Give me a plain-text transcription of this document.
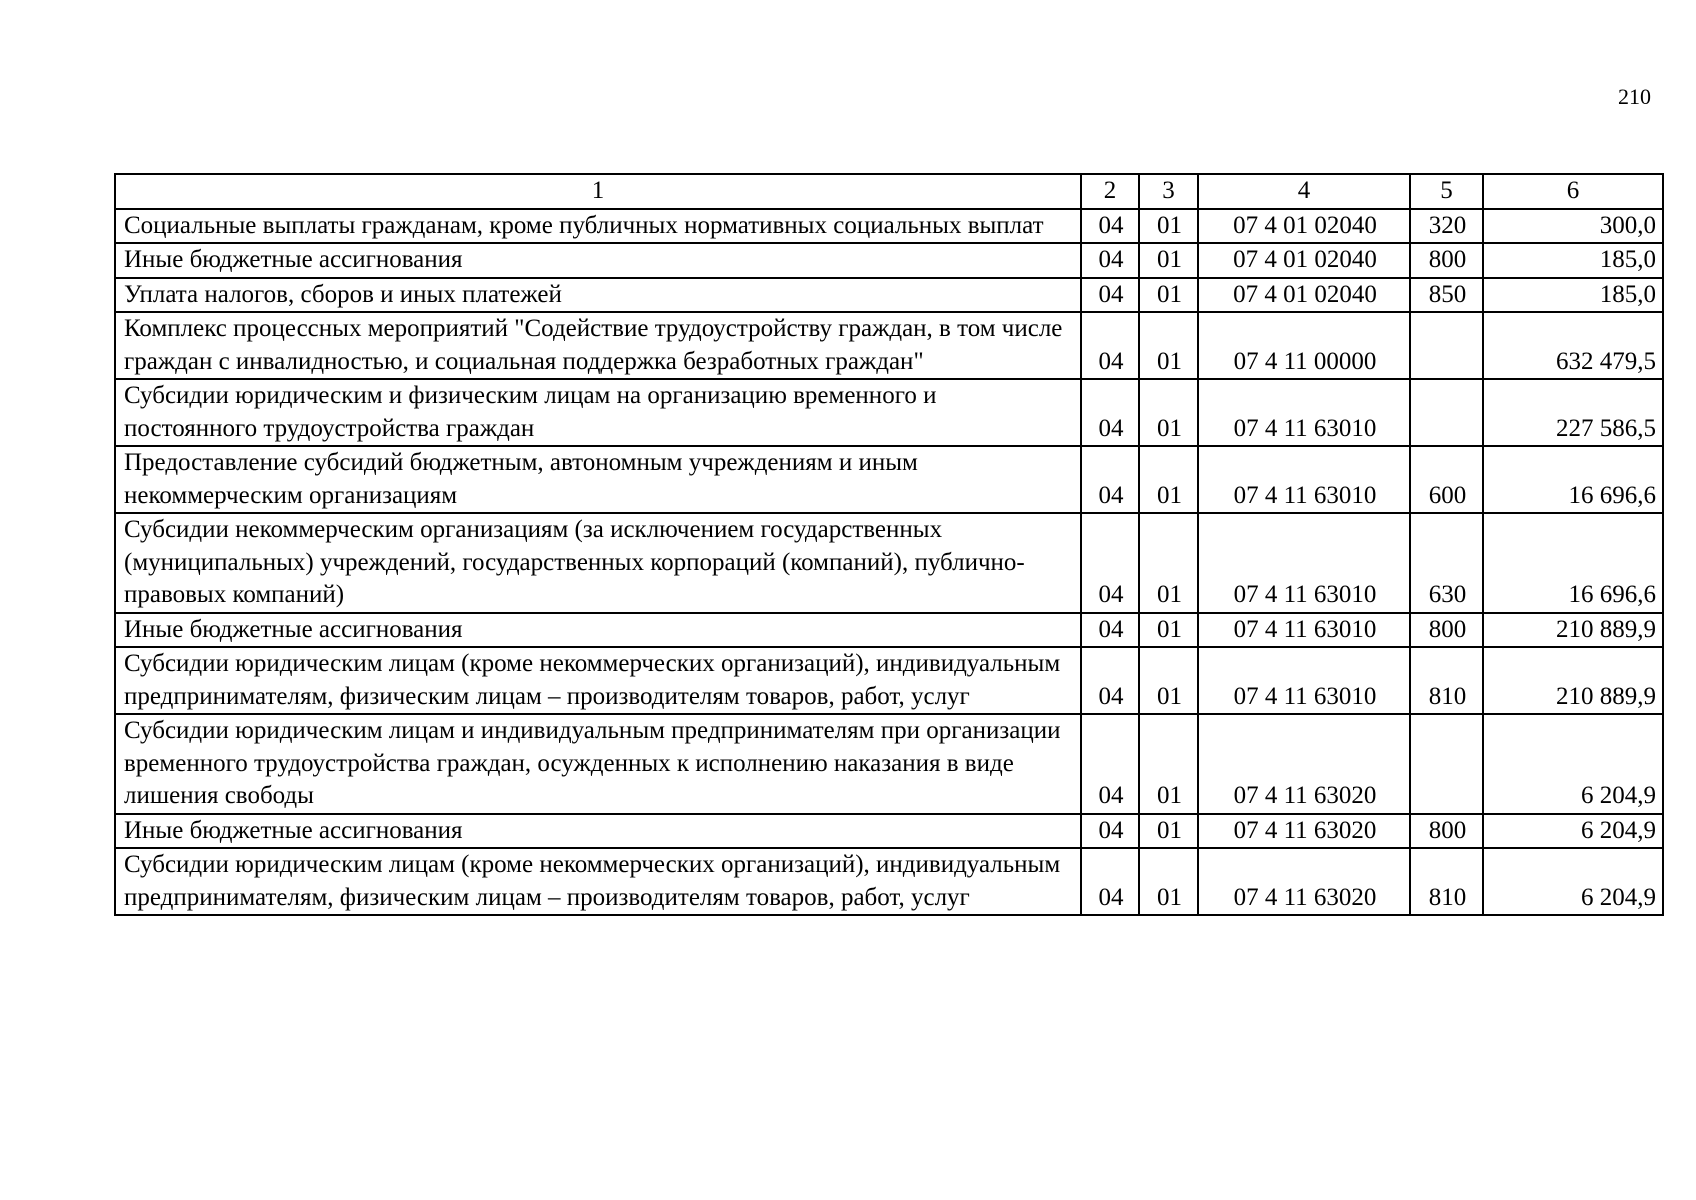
210
1	2	3	4	5	6
Социальные выплаты гражданам, кроме публичных нормативных социальных выплат	04	01	07 4 01 02040	320	300,0
Иные бюджетные ассигнования	04	01	07 4 01 02040	800	185,0
Уплата налогов, сборов и иных платежей	04	01	07 4 01 02040	850	185,0
Комплекс процессных мероприятий "Содействие трудоустройству граждан, в том числе граждан с инвалидностью, и социальная поддержка безработных граждан"	04	01	07 4 11 00000		632 479,5
Субсидии юридическим и физическим лицам на организацию временного и постоянного трудоустройства граждан	04	01	07 4 11 63010		227 586,5
Предоставление субсидий бюджетным, автономным учреждениям и иным некоммерческим организациям	04	01	07 4 11 63010	600	16 696,6
Субсидии некоммерческим организациям (за исключением государственных (муниципальных) учреждений, государственных корпораций (компаний), публично-правовых компаний)	04	01	07 4 11 63010	630	16 696,6
Иные бюджетные ассигнования	04	01	07 4 11 63010	800	210 889,9
Субсидии юридическим лицам (кроме некоммерческих организаций), индивидуальным предпринимателям, физическим лицам – производителям товаров, работ, услуг	04	01	07 4 11 63010	810	210 889,9
Субсидии юридическим лицам и индивидуальным предпринимателям при организации временного трудоустройства граждан, осужденных к исполнению наказания в виде лишения свободы	04	01	07 4 11 63020		6 204,9
Иные бюджетные ассигнования	04	01	07 4 11 63020	800	6 204,9
Субсидии юридическим лицам (кроме некоммерческих организаций), индивидуальным предпринимателям, физическим лицам – производителям товаров, работ, услуг	04	01	07 4 11 63020	810	6 204,9
